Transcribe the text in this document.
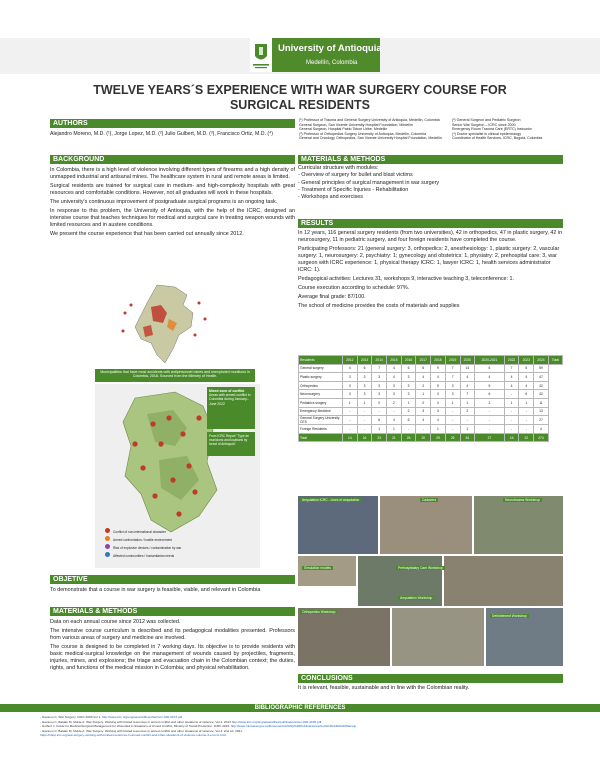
University of Antioquia
Medellín, Colombia
TWELVE YEARS´S EXPERIENCE WITH WAR SURGERY COURSE FOR
SURGICAL RESIDENTS
AUTHORS
Alejandro Moreno, M.D. (¹), Jorge Lopez, M.D. (²) Julio Gulbert, M.D. (³), Francisco Ortiz, M.D. (⁴)
(¹) Professor of Trauma and General Surgery University of Antioquia, Medellin, Colombia
General Surgeon, San Vicente University Hospital Foundation, Medellin
General Surgeon, Hospital Pablo Tobon Uribe, Medellin
(³) Professor of Orthopedics Surgery University of Antioquia, Medellin, Colombia
General and Oncology Orthopedics, San Vicente University Hospital Foundation, Medellin
(²) General Surgeon and Pediatric Surgeon
Senior War Surgeon – ICRC since 2000
Emergency Room Trauma Care (ERTC) Instructor
(⁴) Doctor specialist in clinical epidemiology
Coordinator of Health Services, ICRC, Bogotá, Colombia
BACKGROUND

In Colombia, there is a high level of violence involving different types of firearms and a high density of unmapped industrial and artisanal mines. The healthcare system in rural and remote areas is limited.

Surgical residents are trained for surgical care in medium- and high-complexity hospitals with great resources and comfortable conditions. However, not all graduates will work in these hospitals.

The university's continuous improvement of postgraduate surgical programs is an ongoing task.

In response to this problem, the University of Antioquia, with the help of the ICRC, designed an intensive course that teaches techniques for medical and surgical care in treating weapon wounds with limited resources and in austere conditions.

We present the course experience that has been carried out annually since 2012.

Municipalities that have most accidents with antipersonnel mines and unexploded munitions in Colombia, 2018. Sourced from the Ministry of Health.
Mixed zone of conflict
Areas with armed conflict in Colombia during January–June 2022
From ICRC Report "Type de municions and locations by forest of Antioquia"
Conflict of non-international character
Armed confrontation / hostile environment
Risk of explosive devices / contamination by war
Affected communities / humanitarian needs
OBJETIVE
To demonstrate that a course in war surgery is feasible, viable, and relevant in Colombia
MATERIALS & METHODS

Data on each annual course since 2012 was collected.

The intensive course curriculum is described and its pedagogical modalities presented. Professors from various areas of surgery and medicine are involved.

The course is designed to be completed in 7 working days. Its objective is to provide residents with basic medical-surgical knowledge on the management of wounds caused by projectiles, fragments, injuries, mines, and explosions; the triage and evacuation chain in the Colombian context; the duties, rights, and functions of the medical mission in Colombia; and physical rehabilitation.

MATERIALS & METHODS
Curricular structure with modules:
- Overview of surgery for bullet and blast victims
- General principles of surgical management in war surgery
- Treatment of Specific Injuries - Rehabilitation
- Workshops and exercises
RESULTS

In 12 years, 116 general surgery residents (from two universities), 42 in orthopedics, 47 in plastic surgery, 42 in neurosurgery, 11 in pediatric surgery, and four foreign residents have completed the course.

Participating Professors: 21 (general surgery: 3, orthopedics: 2, anesthesiology: 1, plastic surgery: 2, vascular surgery: 1, neurosurgery: 2, psychiatry: 1; gynecology and obstetrics: 1, physiatry: 2, prehospital care: 3, war surgeon with ICRC experience: 1, physical therapy ICRC: 1, lawyer ICRC: 1, health services administrator ICRC: 1).

Pedagogical activities: Lectures 31, workshops 9, interactive teaching 3, teleconference: 1.

Course execution according to schedule: 97%.

Average final grade: 87/100.

The school of medicine provides the costs of materials and supplies

Residents	2012	2013	2014	2015	2016	2017	2018	2019	2020	2020-2021	2022	2023	2024	Total
General surgery	4	6	7	4	6	6	9	7	14	6	7	5	59	
Plastic surgery	3	3	3	4	3	4	4	7	4	4	4	4	47	
Orthopedics	3	3	3	3	3	2	5	3	4	5	4	4	42	
Neurosurgery	3	3	3	3	3	1	3	3	7	6	-	6	42	
Pediatrics surgery	1	1	0	2	1	0	0	1	1	2	1	1	11	
Emergency Medicine	-	-	-	-	2	3	3	-	2	-	-	-	13	
General Surgery University CES	-	-	6	4	6	4	4	-	-	-	-	-	27	
Foreign Residents	-	-	1	1	-	-	1	-	1	-	-	-	4	
Total	14	16	23	21	26	20	29	25	34	27	16	22	274	
Amputation ICRC - Lines of amputation	Cadavers	Neurotrauma Workshop
Simulation models	Prehospitalary Care Workshop
Amputation Workshop
Orthopedics Workshop
Debridement Workshop
CONCLUSIONS
It is relevant, feasible, sustainable and in line with the Colombian reality.
BIBLIOGRAPHIC REFERENCES
- Giannou C. War Surgery. ICRC 2009 Vol 1. http://www.icrc.org/eng/assets/files/other/icrc-002-0973.pdf
- Giannou C, Baldan M, Molde A. War Surgery. Working with limited resources in armed conflict and other situations of violence, Vol 2. 2013 http://www.icrc.org/eng/assets/files/publications/icrc-002-4105.pdf
- Gulbert J, Guide for Medical-Surgical Management for Wounded in Situations of Armed Conflict, Ministry of Social Protection. ICRC 2010. http://www.minsalud.gov.co/Documentos%20y%20Publicaciones/Gu%C3%ADa%20Manejo
- Giannou C, Baldan M, Molde A. War Surgery. Working with limited resources in armed conflict and other situations of violence, Vol 3. 2nd ed. 2021.
https://shop.icrc.org/war-surgery-working-with-limited-resources-in-armed-conflict-and-other-situations-of-violence-volume-3-en-icrc.html
